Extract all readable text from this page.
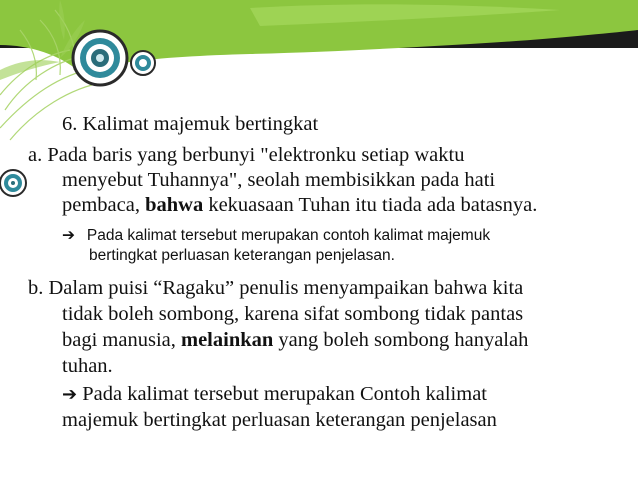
6. Kalimat majemuk bertingkat
a. Pada baris yang berbunyi "elektronku setiap waktu
menyebut Tuhannya", seolah membisikkan pada hati
pembaca, bahwa kekuasaan Tuhan itu tiada ada batasnya.
➔ Pada kalimat tersebut merupakan contoh kalimat majemuk
bertingkat perluasan keterangan penjelasan.
b. Dalam puisi “Ragaku” penulis menyampaikan bahwa kita
tidak boleh sombong, karena sifat sombong tidak pantas
bagi manusia, melainkan yang boleh sombong hanyalah
tuhan.
➔ Pada kalimat tersebut merupakan Contoh kalimat
majemuk bertingkat perluasan keterangan penjelasan
